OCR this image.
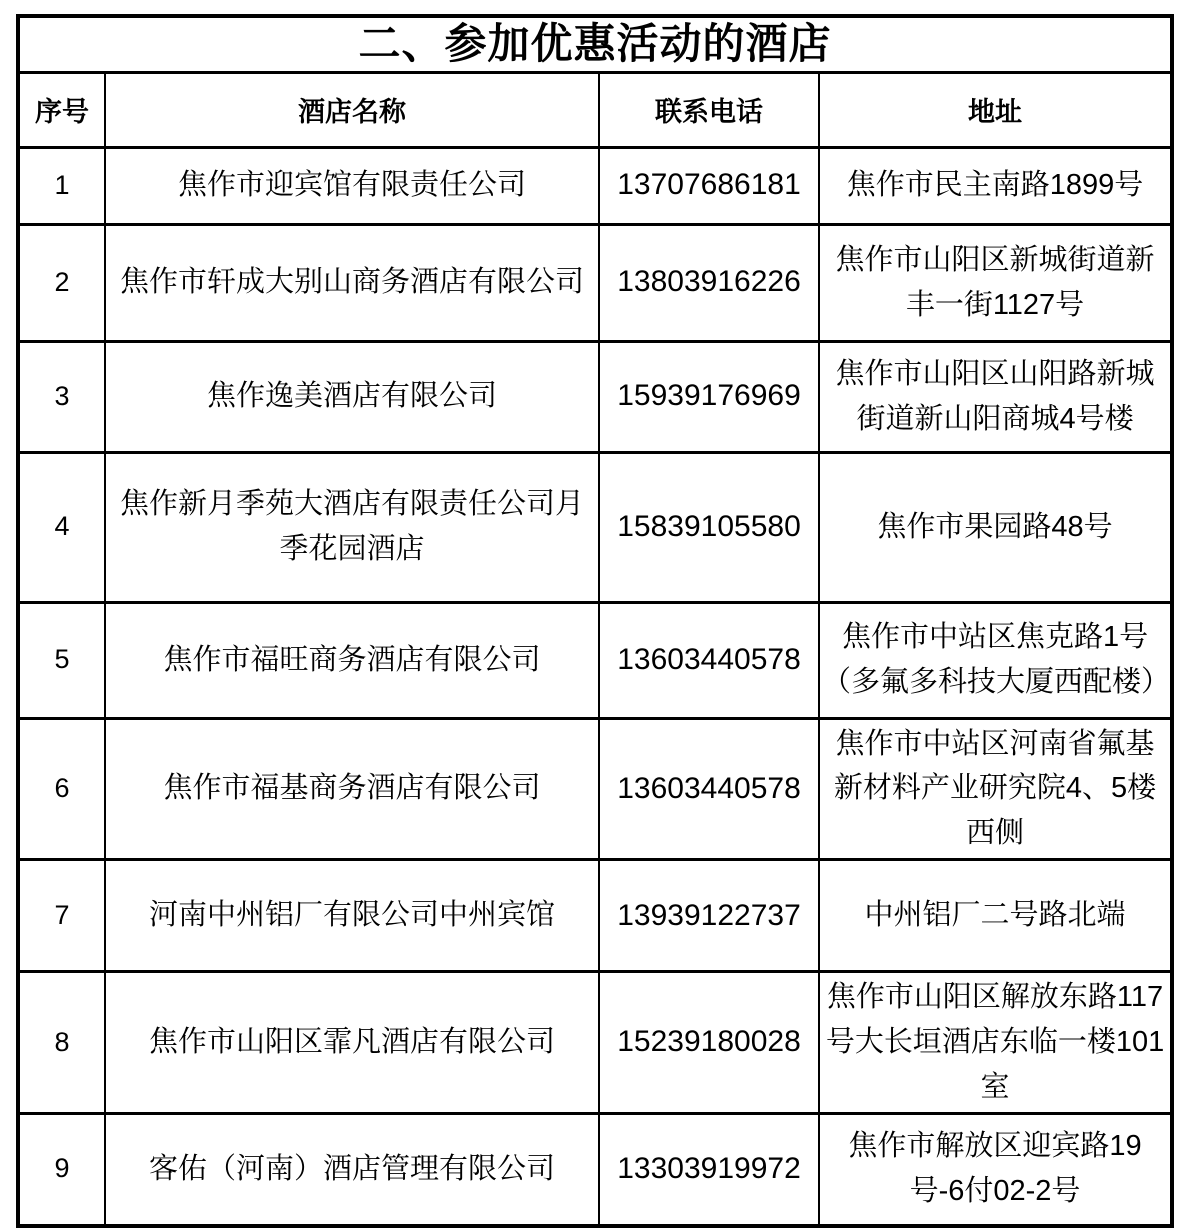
二、参加优惠活动的酒店			
序号	酒店名称	联系电话	地址
1	焦作市迎宾馆有限责任公司	13707686181	焦作市民主南路1899号
2	焦作市轩成大别山商务酒店有限公司	13803916226	焦作市山阳区新城街道新丰一街1127号
3	焦作逸美酒店有限公司	15939176969	焦作市山阳区山阳路新城街道新山阳商城4号楼
4	焦作新月季苑大酒店有限责任公司月季花园酒店	15839105580	焦作市果园路48号
5	焦作市福旺商务酒店有限公司	13603440578	焦作市中站区焦克路1号（多氟多科技大厦西配楼）
6	焦作市福基商务酒店有限公司	13603440578	焦作市中站区河南省氟基新材料产业研究院4、5楼西侧
7	河南中州铝厂有限公司中州宾馆	13939122737	中州铝厂二号路北端
8	焦作市山阳区霏凡酒店有限公司	15239180028	焦作市山阳区解放东路117号大长垣酒店东临一楼101室
9	客佑（河南）酒店管理有限公司	13303919972	焦作市解放区迎宾路19号-6付02-2号
